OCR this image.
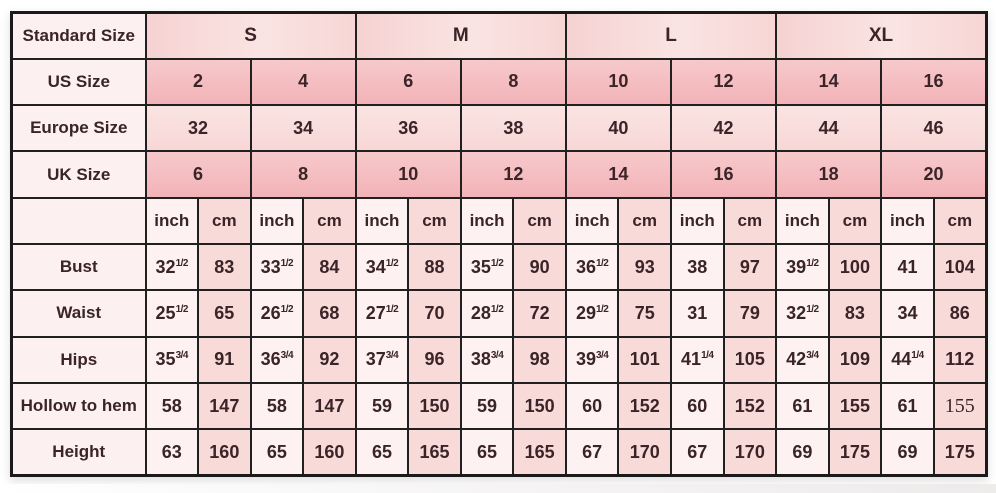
Standard Size	S				M				L				XL			
US Size	2		4		6		8		10		12		14		16	
Europe Size	32		34		36		38		40		42		44		46	
UK Size	6		8		10		12		14		16		18		20	
	inch	cm	inch	cm	inch	cm	inch	cm	inch	cm	inch	cm	inch	cm	inch	cm
Bust	$32^{1/2}$	83	$33^{1/2}$	84	$34^{1/2}$	88	$35^{1/2}$	90	$36^{1/2}$	93	38	97	$39^{1/2}$	100	41	104
Waist	$25^{1/2}$	65	$26^{1/2}$	68	$27^{1/2}$	70	$28^{1/2}$	72	$29^{1/2}$	75	31	79	$32^{1/2}$	83	34	86
Hips	$35^{3/4}$	91	$36^{3/4}$	92	$37^{3/4}$	96	$38^{3/4}$	98	$39^{3/4}$	101	$41^{1/4}$	105	$42^{3/4}$	109	$44^{1/4}$	112
Hollow to hem	58	147	58	147	59	150	59	150	60	152	60	152	61	155	61	155
Height	63	160	65	160	65	165	65	165	67	170	67	170	69	175	69	175
